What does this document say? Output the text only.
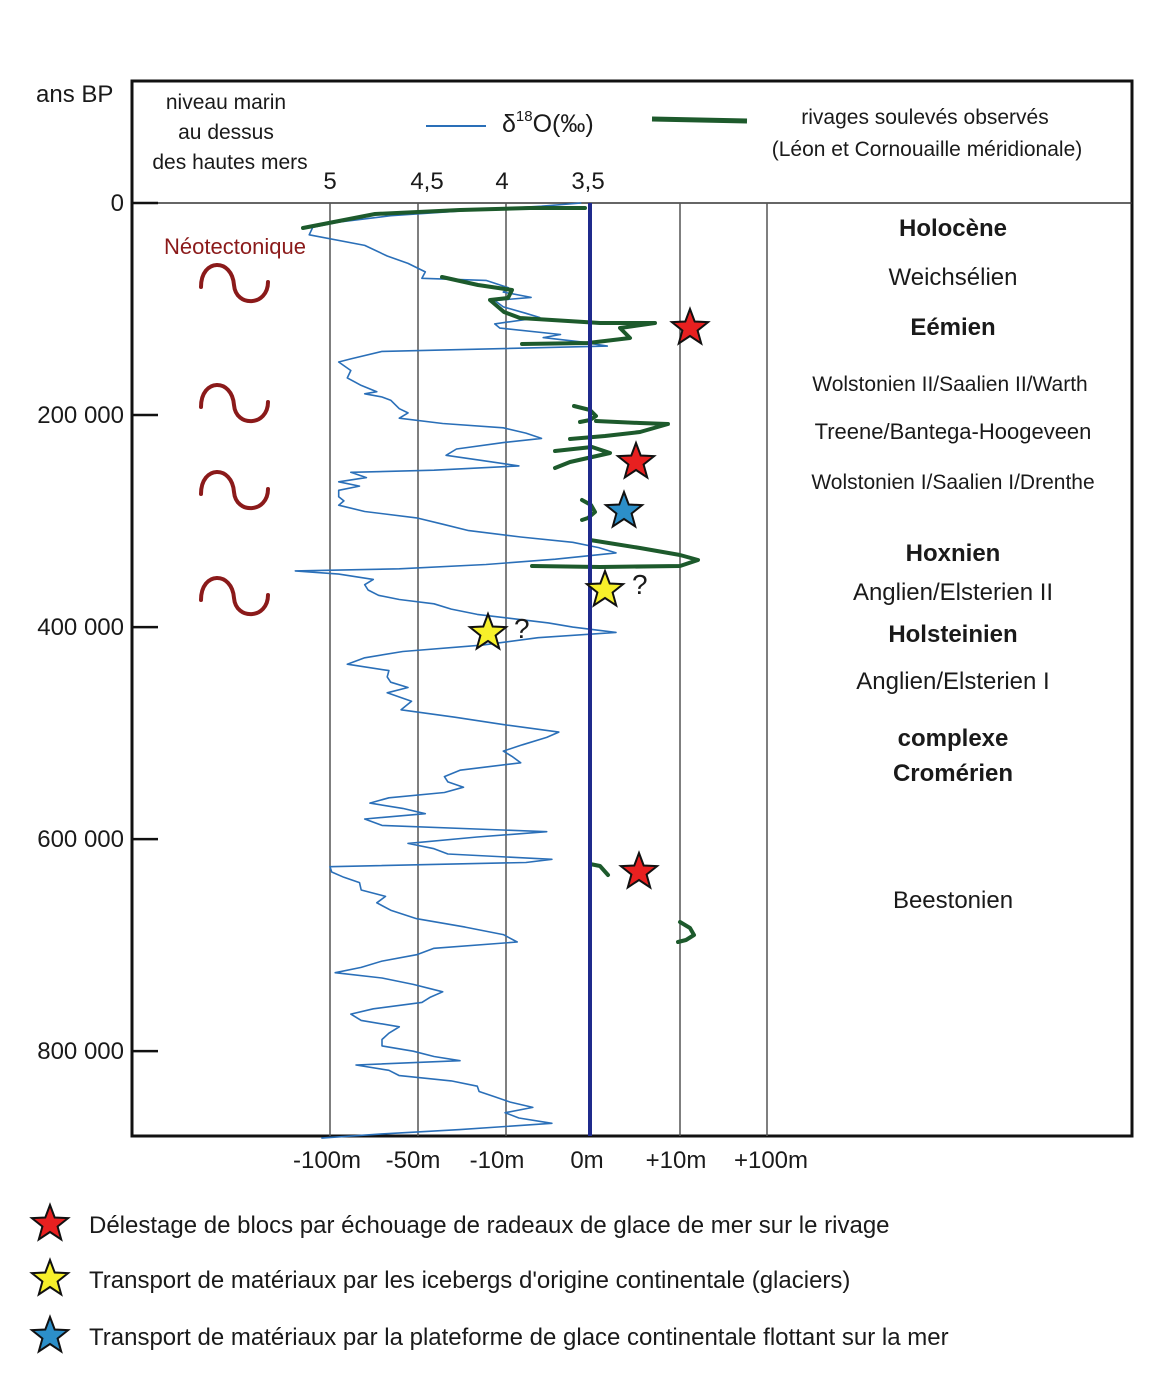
ans BP niveau marin
au dessus
des hautes mers
$\delta^{18}O(‰)$	rivages soulevés observés
(Léon et Cornouaille méridionale)
5	4,5 4	3,5
0
200 000
400 000
600 000
800 000
Néotectonique
Holocène
Weichsélien
Eémien
Wolstonien II/Saalien II/Warth
Treene/Bantega-Hoogeveen
Wolstonien I/Saalien I/Drenthe
Hoxnien
Anglien/Elsterien II
Holsteinien
Anglien/Elsterien I
complexe
Cromérien
Beestonien
?
?
-100m -50m -10m 0m +10m +100m
Délestage de blocs par échouage de radeaux de glace de mer sur le rivage
Transport de matériaux par les icebergs d'origine continentale (glaciers)
Transport de matériaux par la plateforme de glace continentale flottant sur la mer
